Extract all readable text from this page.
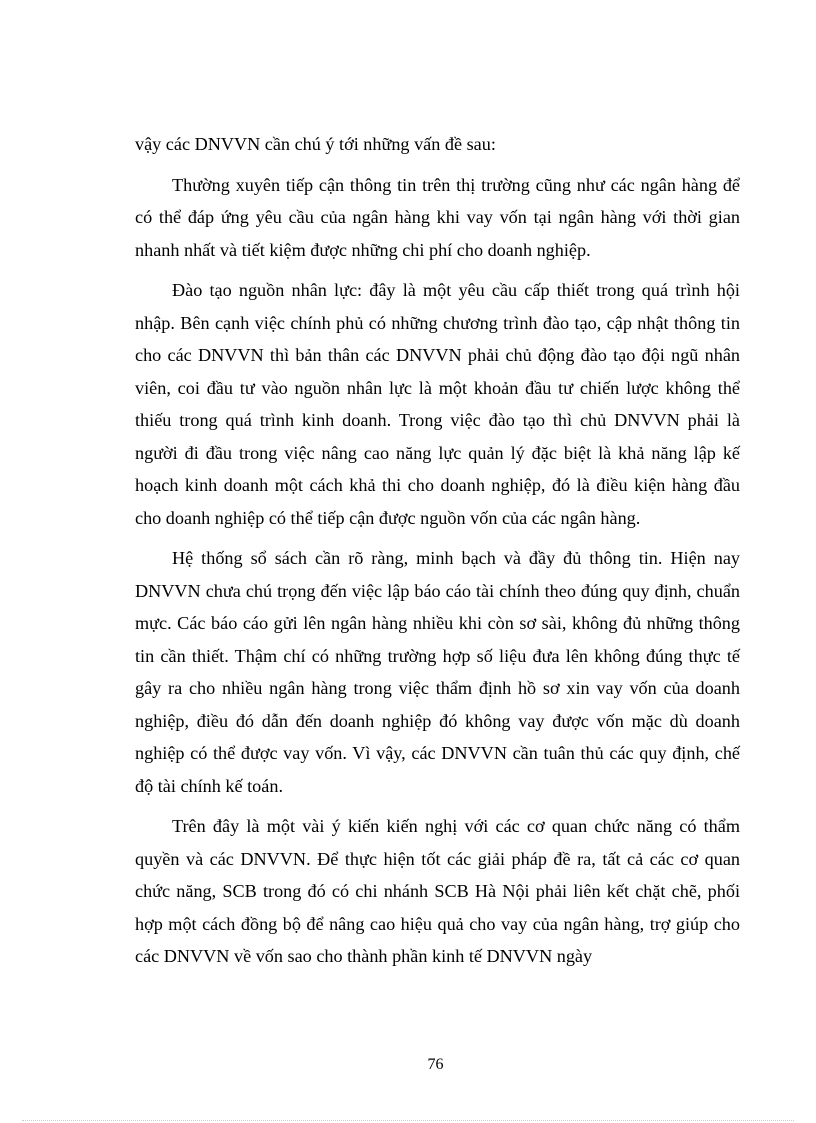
vậy các DNVVN cần chú ý tới những vấn đề sau:

Thường xuyên tiếp cận thông tin trên thị trường cũng như các ngân hàng để có thể đáp ứng yêu cầu của ngân hàng khi vay vốn tại ngân hàng với thời gian nhanh nhất và tiết kiệm được những chi phí cho doanh nghiệp.

Đào tạo nguồn nhân lực: đây là một yêu cầu cấp thiết trong quá trình hội nhập. Bên cạnh việc chính phủ có những chương trình đào tạo, cập nhật thông tin cho các DNVVN thì bản thân các DNVVN phải chủ động đào tạo đội ngũ nhân viên, coi đầu tư vào nguồn nhân lực là một khoản đầu tư chiến lược không thể thiếu trong quá trình kinh doanh. Trong việc đào tạo thì chủ DNVVN phải là người đi đầu trong việc nâng cao năng lực quản lý đặc biệt là khả năng lập kế hoạch kinh doanh một cách khả thi cho doanh nghiệp, đó là điều kiện hàng đầu cho doanh nghiệp có thể tiếp cận được nguồn vốn của các ngân hàng.

Hệ thống sổ sách cần rõ ràng, minh bạch và đầy đủ thông tin. Hiện nay DNVVN chưa chú trọng đến việc lập báo cáo tài chính theo đúng quy định, chuẩn mực. Các báo cáo gửi lên ngân hàng nhiều khi còn sơ sài, không đủ những thông tin cần thiết. Thậm chí có những trường hợp số liệu đưa lên không đúng thực tế gây ra cho nhiều ngân hàng trong việc thẩm định hồ sơ xin vay vốn của doanh nghiệp, điều đó dẫn đến doanh nghiệp đó không vay được vốn mặc dù doanh nghiệp có thể được vay vốn. Vì vậy, các DNVVN cần tuân thủ các quy định, chế độ tài chính kế toán.

Trên đây là một vài ý kiến kiến nghị với các cơ quan chức năng có thẩm quyền và các DNVVN. Để thực hiện tốt các giải pháp đề ra, tất cả các cơ quan chức năng, SCB trong đó có chi nhánh SCB Hà Nội phải liên kết chặt chẽ, phối hợp một cách đồng bộ để nâng cao hiệu quả cho vay của ngân hàng, trợ giúp cho các DNVVN về vốn sao cho thành phần kinh tế DNVVN ngày

76
